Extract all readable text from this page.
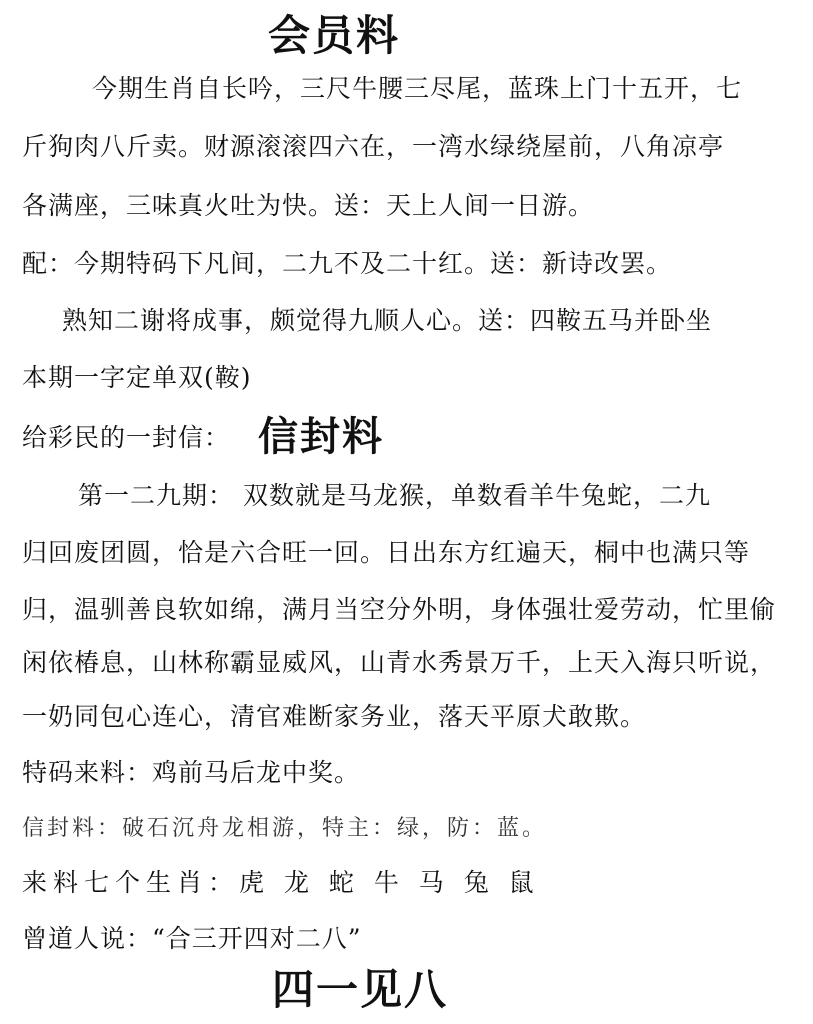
会员料
今期生肖自长吟，三尺牛腰三尽尾，蓝珠上门十五开，七
斤狗肉八斤卖。财源滚滚四六在，一湾水绿绕屋前，八角凉亭
各满座，三味真火吐为快。送：天上人间一日游。
配：今期特码下凡间，二九不及二十红。送：新诗改罢。
熟知二谢将成事，颇觉得九顺人心。送：四鞍五马并卧坐
本期一字定单双(鞍)
给彩民的一封信： 信封料
第一二九期： 双数就是马龙猴，单数看羊牛兔蛇，二九
归回废团圆，恰是六合旺一回。日出东方红遍天，桐中也满只等
归，温驯善良软如绵，满月当空分外明，身体强壮爱劳动，忙里偷
闲依椿息，山林称霸显威风，山青水秀景万千，上天入海只听说，
一奶同包心连心，清官难断家务业，落天平原犬敢欺。
特码来料：鸡前马后龙中奖。
信封料：破石沉舟龙相游，特主：绿，防：蓝。
来料七个生肖：虎 龙 蛇 牛 马 兔 鼠
曾道人说：“合三开四对二八”
四一见八
